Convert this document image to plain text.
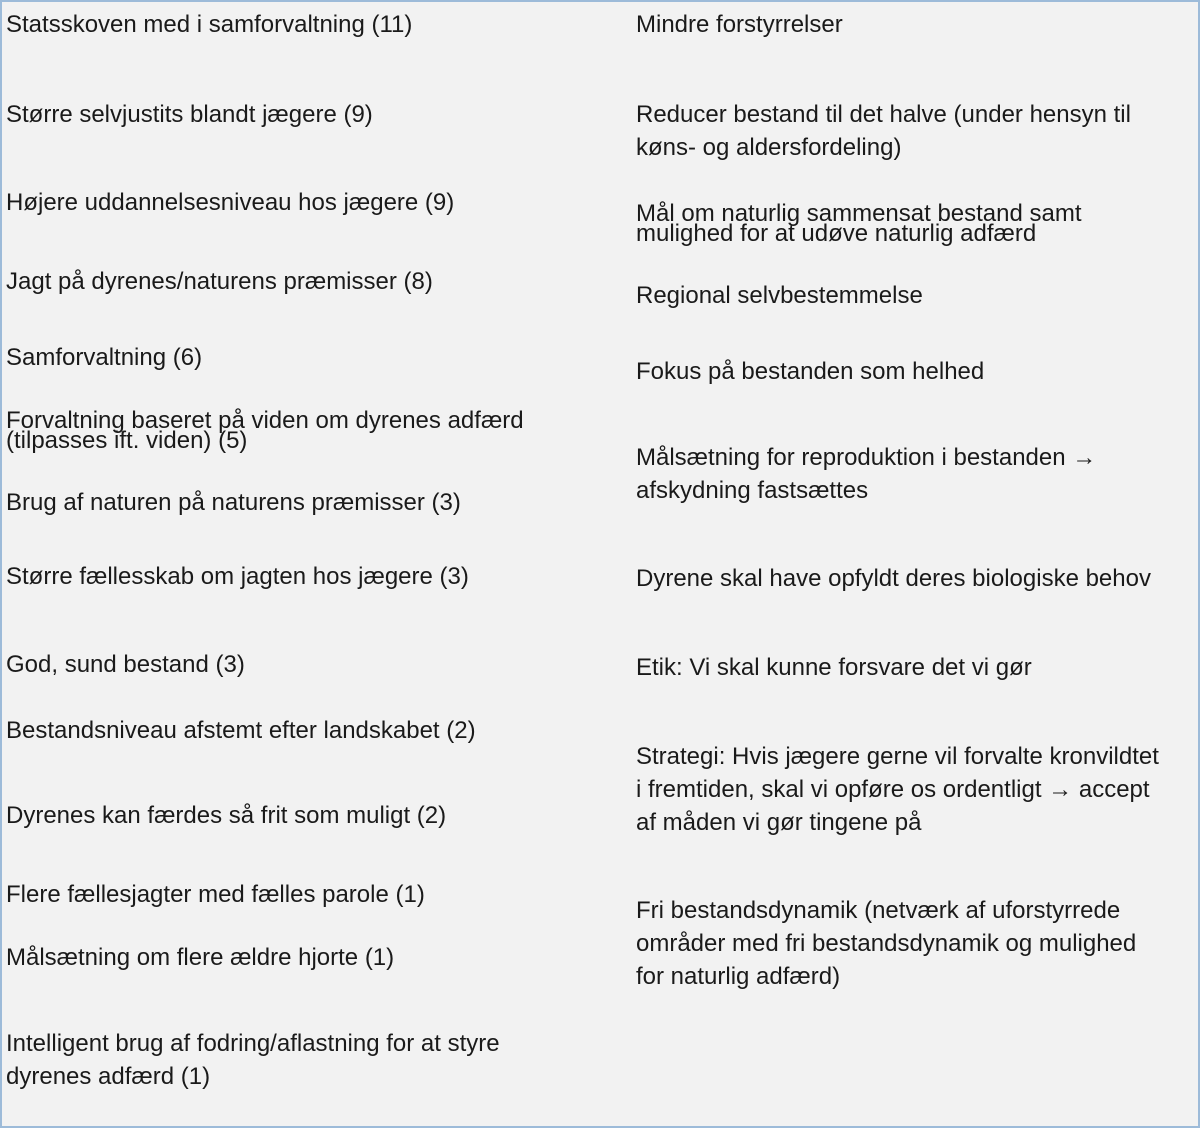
Statsskoven med i samforvaltning (11)

Større selvjustits blandt jægere (9)

Højere uddannelsesniveau hos jægere (9)

Jagt på dyrenes/naturens præmisser (8)

Samforvaltning (6)

Forvaltning baseret på viden om dyrenes adfærd

(tilpasses ift. viden) (5)

Brug af naturen på naturens præmisser (3)

Større fællesskab om jagten hos jægere (3)

God, sund bestand (3)

Bestandsniveau afstemt efter landskabet (2)

Dyrenes kan færdes så frit som muligt (2)

Flere fællesjagter med fælles parole (1)

Målsætning om flere ældre hjorte (1)

Intelligent brug af fodring/aflastning for at styre

dyrenes adfærd (1)

Mindre forstyrrelser

Reducer bestand til det halve (under hensyn til

køns- og aldersfordeling)

Mål om naturlig sammensat bestand samt

mulighed for at udøve naturlig adfærd

Regional selvbestemmelse

Fokus på bestanden som helhed

Målsætning for reproduktion i bestanden →

afskydning fastsættes

Dyrene skal have opfyldt deres biologiske behov

Etik: Vi skal kunne forsvare det vi gør

Strategi: Hvis jægere gerne vil forvalte kronvildtet

i fremtiden, skal vi opføre os ordentligt → accept

af måden vi gør tingene på

Fri bestandsdynamik (netværk af uforstyrrede

områder med fri bestandsdynamik og mulighed

for naturlig adfærd)
